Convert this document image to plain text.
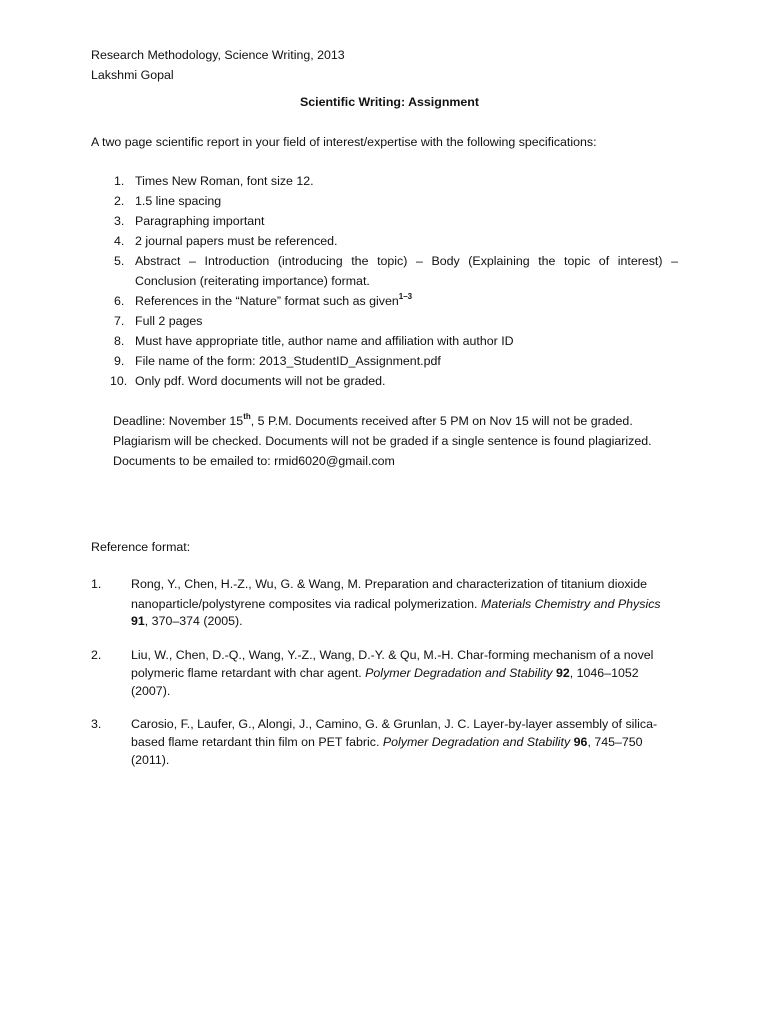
Research Methodology, Science Writing, 2013
Lakshmi Gopal
Scientific Writing: Assignment
A two page scientific report in your field of interest/expertise with the following specifications:
1. Times New Roman, font size 12.
2. 1.5 line spacing
3. Paragraphing important
4. 2 journal papers must be referenced.
5. Abstract – Introduction (introducing the topic) – Body (Explaining the topic of interest) –
Conclusion (reiterating importance) format.
6. References in the “Nature” format such as given$^{1-3}$
7. Full 2 pages
8. Must have appropriate title, author name and affiliation with author ID
9. File name of the form: 2013_StudentID_Assignment.pdf
10. Only pdf. Word documents will not be graded.
Deadline: November 15th, 5 P.M. Documents received after 5 PM on Nov 15 will not be graded.
Plagiarism will be checked. Documents will not be graded if a single sentence is found plagiarized.
Documents to be emailed to: rmid6020@gmail.com
Reference format:
1. Rong, Y., Chen, H.-Z., Wu, G. & Wang, M. Preparation and characterization of titanium dioxide
nanoparticle/polystyrene composites via radical polymerization. Materials Chemistry and Physics
91, 370–374 (2005).
2. Liu, W., Chen, D.-Q., Wang, Y.-Z., Wang, D.-Y. & Qu, M.-H. Char-forming mechanism of a novel
polymeric flame retardant with char agent. Polymer Degradation and Stability 92, 1046–1052
(2007).
3. Carosio, F., Laufer, G., Alongi, J., Camino, G. & Grunlan, J. C. Layer-by-layer assembly of silica-
based flame retardant thin film on PET fabric. Polymer Degradation and Stability 96, 745–750
(2011).
